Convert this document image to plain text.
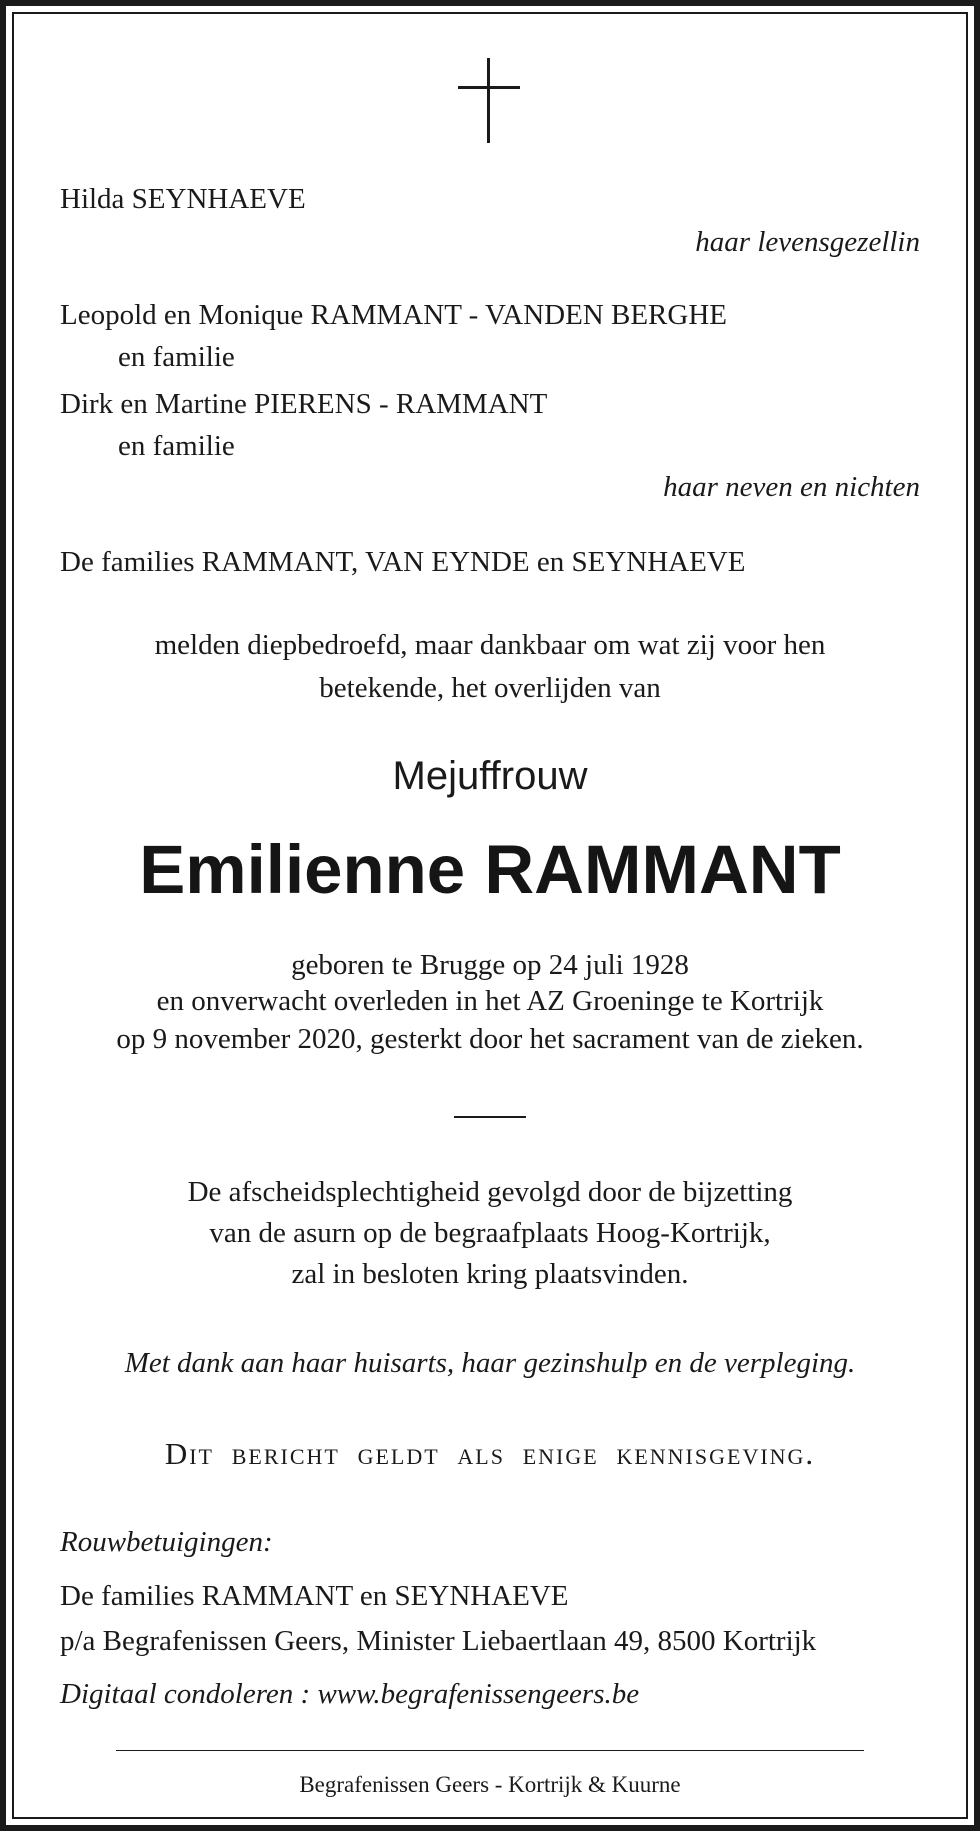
Hilda SEYNHAEVE
haar levensgezellin
Leopold en Monique RAMMANT - VANDEN BERGHE
en familie
Dirk en Martine PIERENS - RAMMANT
en familie
haar neven en nichten
De families RAMMANT, VAN EYNDE en SEYNHAEVE
melden diepbedroefd, maar dankbaar om wat zij voor hen
betekende, het overlijden van
Mejuffrouw
Emilienne RAMMANT
geboren te Brugge op 24 juli 1928
en onverwacht overleden in het AZ Groeninge te Kortrijk
op 9 november 2020, gesterkt door het sacrament van de zieken.
De afscheidsplechtigheid gevolgd door de bijzetting
van de asurn op de begraafplaats Hoog-Kortrijk,
zal in besloten kring plaatsvinden.
Met dank aan haar huisarts, haar gezinshulp en de verpleging.
Dit bericht geldt als enige kennisgeving.
Rouwbetuigingen:
De families RAMMANT en SEYNHAEVE
p/a Begrafenissen Geers, Minister Liebaertlaan 49, 8500 Kortrijk
Digitaal condoleren : www.begrafenissengeers.be
Begrafenissen Geers - Kortrijk & Kuurne
